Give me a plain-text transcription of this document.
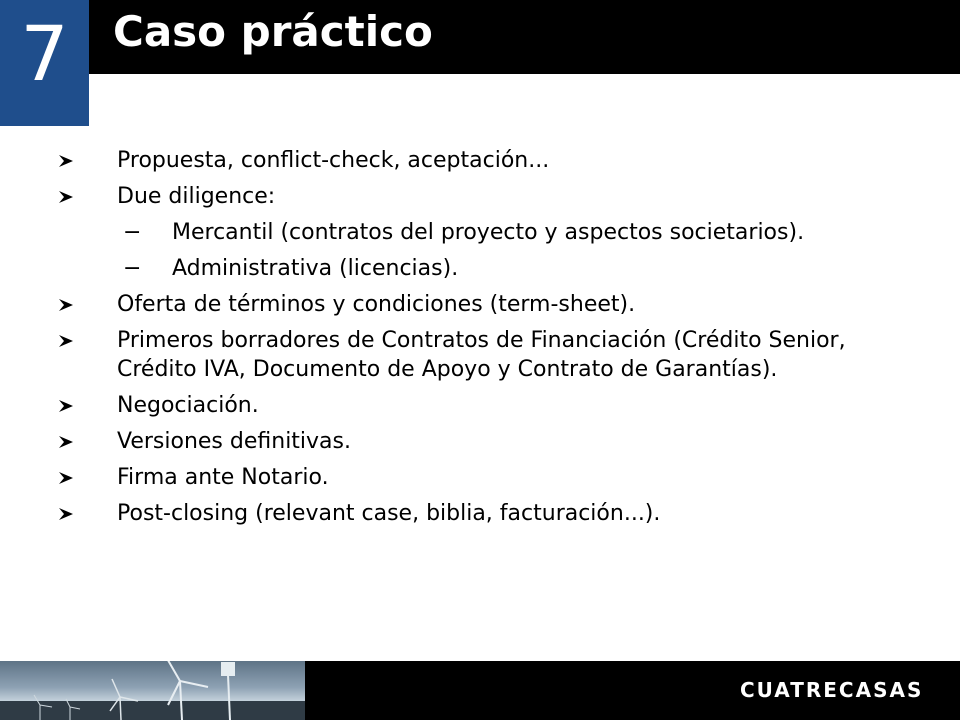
7	Caso práctico
Propuesta, conflict-check, aceptación...
Due diligence:
−	Mercantil (contratos del proyecto y aspectos societarios).
−	Administrativa (licencias).
Oferta de términos y condiciones (term-sheet).
Primeros borradores de Contratos de Financiación (Crédito Senior, Crédito IVA, Documento de Apoyo y Contrato de Garantías).
Negociación.
Versiones definitivas.
Firma ante Notario.
Post-closing (relevant case, biblia, facturación...).
CUATRECASAS
